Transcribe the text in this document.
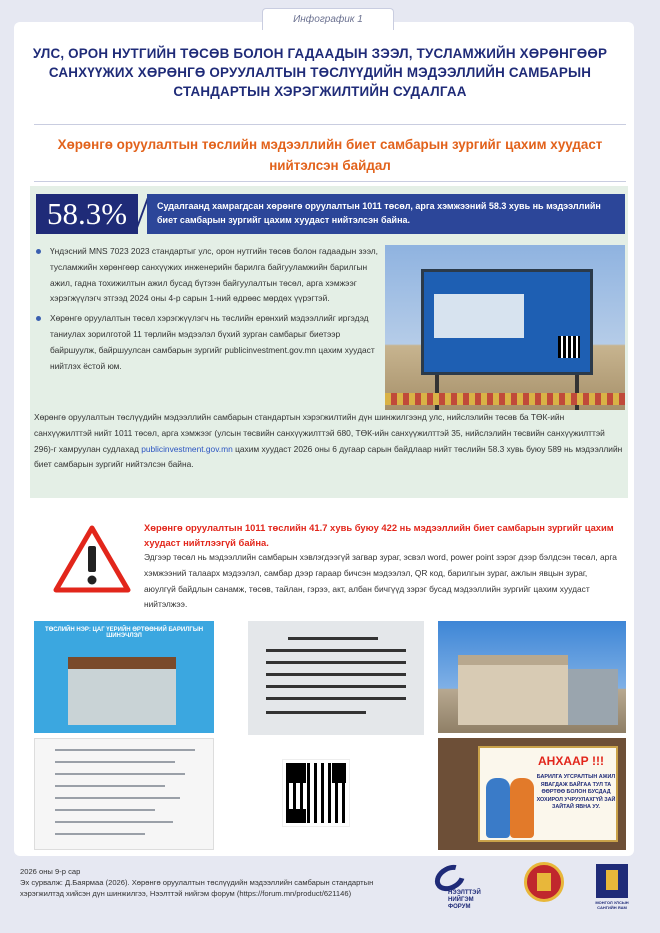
Инфографик 1
УЛС, ОРОН НУТГИЙН ТӨСӨВ БОЛОН ГАДААДЫН ЗЭЭЛ, ТУСЛАМЖИЙН ХӨРӨНГӨӨР САНХҮҮЖИХ ХӨРӨНГӨ ОРУУЛАЛТЫН ТӨСЛҮҮДИЙН МЭДЭЭЛЛИЙН САМБАРЫН СТАНДАРТЫН ХЭРЭГЖИЛТИЙН СУДАЛГАА
Хөрөнгө оруулалтын төслийн мэдээллийн биет самбарын зургийг цахим хуудаст нийтэлсэн байдал
58.3%	Судалгаанд хамрагдсан хөрөнгө оруулалтын 1011 төсөл, арга хэмжээний 58.3 хувь нь мэдээллийн биет самбарын зургийг цахим хуудаст нийтэлсэн байна.
Үндэсний MNS 7023 2023 стандартыг улс, орон нутгийн төсөв болон гадаадын зээл, тусламжийн хөрөнгөөр санхүүжих инженерийн барилга байгууламжийн барилгын ажил, гадна тохижилтын ажил бусад бүтээн байгуулалтын төсөл, арга хэмжээг хэрэгжүүлэгч этгээд 2024 оны 4-р сарын 1-ний өдрөөс мөрдөх үүрэгтэй.
Хөрөнгө оруулалтын төсөл хэрэгжүүлэгч нь төслийн ерөнхий мэдээллийг иргэдэд таниулах зорилготой 11 төрлийн мэдээлэл бүхий зурган самбарыг биетээр байршуулж, байршуулсан самбарын зургийг publicinvestment.gov.mn цахим хуудаст нийтлэх ёстой юм.
Хөрөнгө оруулалтын төслүүдийн мэдээллийн самбарын стандартын хэрэгжилтийн дүн шинжилгээнд улс, нийслэлийн төсөв ба ТӨК-ийн санхүүжилттэй нийт 1011 төсөл, арга хэмжээг (улсын төсвийн санхүүжилттэй 680, ТӨК-ийн санхүүжилттэй 35, нийслэлийн төсвийн санхүүжилттэй 296)-г хамруулан судлахад publicinvestment.gov.mn цахим хуудаст 2026 оны 6 дугаар сарын байдлаар нийт төслийн 58.3 хувь буюу 589 нь мэдээллийн биет самбарын зургийг нийтэлсэн байна.
Хөрөнгө оруулалтын 1011 төслийн 41.7 хувь буюу 422 нь мэдээллийн биет самбарын зургийг цахим хуудаст нийтлээгүй байна.
Эдгээр төсөл нь мэдээллийн самбарын хэвлэгдээгүй загвар зураг, эсвэл word, power point зэрэг дээр бэлдсэн төсөл, арга хэмжээний талаарх мэдээлэл, самбар дээр гараар бичсэн мэдээлэл, QR код, барилгын зураг, ажлын явцын зураг, аюулгүй байдлын санамж, төсөв, тайлан, гэрээ, акт, албан бичгүүд зэрэг бусад мэдээллийн зургийг цахим хуудаст нийтэлжээ.
ТӨСЛИЙН НЭР: ЦАГ ҮЕРИЙН ӨРТӨӨНИЙ БАРИЛГЫН ШИНЭЧЛЭЛ
АНХААР !!!
БАРИЛГА УГСРАЛТЫН АЖИЛ ЯВАГДАЖ БАЙГАА ТУЛ ТА ӨӨРТӨӨ БОЛОН БУСДАД ХОХИРОЛ УЧРУУЛАХГҮЙ ЗАЙ ЗАЙТАЙ ЯВНА УУ.
2026 оны 9-р сар
Эх сурвалж: Д.Баярмаа (2026). Хөрөнгө оруулалтын төслүүдийн мэдээллийн самбарын стандартын хэрэгжилтэд хийсэн дүн шинжилгээ, Нээлттэй нийгэм форум (https://forum.mn/product/621146)	НЭЭЛТТЭЙ НИЙГЭМ ФОРУМ
МОНГОЛ УЛСЫН САНГИЙН ЯАМ
